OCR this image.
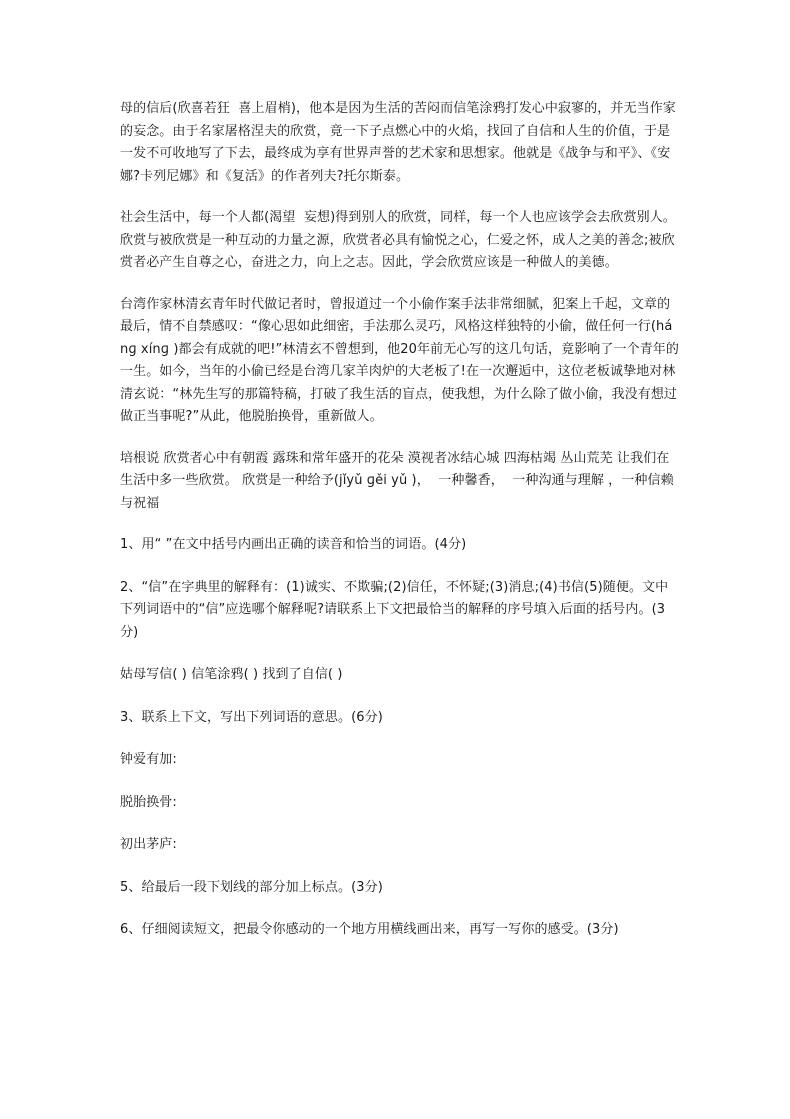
母的信后(欣喜若狂  喜上眉梢)，他本是因为生活的苦闷而信笔涂鸦打发心中寂寥的，并无当作家的妄念。由于名家屠格涅夫的欣赏，竟一下子点燃心中的火焰，找回了自信和人生的价值，于是一发不可收地写了下去，最终成为享有世界声誉的艺术家和思想家。他就是《战争与和平》、《安娜?卡列尼娜》和《复活》的作者列夫?托尔斯泰。

社会生活中，每一个人都(渴望  妄想)得到别人的欣赏，同样，每一个人也应该学会去欣赏别人。欣赏与被欣赏是一种互动的力量之源，欣赏者必具有愉悦之心，仁爱之怀，成人之美的善念;被欣赏者必产生自尊之心，奋进之力，向上之志。因此，学会欣赏应该是一种做人的美德。

台湾作家林清玄青年时代做记者时，曾报道过一个小偷作案手法非常细腻，犯案上千起，文章的最后，情不自禁感叹：“像心思如此细密，手法那么灵巧，风格这样独特的小偷，做任何一行(hánɡ xínɡ )都会有成就的吧!”林清玄不曾想到，他20年前无心写的这几句话，竟影响了一个青年的一生。如今，当年的小偷已经是台湾几家羊肉炉的大老板了!在一次邂逅中，这位老板诚挚地对林清玄说：“林先生写的那篇特稿，打破了我生活的盲点，使我想，为什么除了做小偷，我没有想过做正当事呢?”从此，他脱胎换骨，重新做人。

培根说 欣赏者心中有朝霞 露珠和常年盛开的花朵 漠视者冰结心城 四海枯竭 丛山荒芜 让我们在生活中多一些欣赏。 欣赏是一种给予(jǐyǔ ɡěi yǔ )，  一种馨香，  一种沟通与理解 ，一种信赖与祝福

1、用“ ”在文中括号内画出正确的读音和恰当的词语。(4分)

2、“信”在字典里的解释有：(1)诚实、不欺骗;(2)信任，不怀疑;(3)消息;(4)书信(5)随便。文中下列词语中的“信”应选哪个解释呢?请联系上下文把最恰当的解释的序号填入后面的括号内。(3分)

姑母写信( ) 信笔涂鸦( ) 找到了自信( )

3、联系上下文，写出下列词语的意思。(6分)

钟爱有加:

脱胎换骨:

初出茅庐:

5、给最后一段下划线的部分加上标点。(3分)

6、仔细阅读短文，把最令你感动的一个地方用横线画出来，再写一写你的感受。(3分)
